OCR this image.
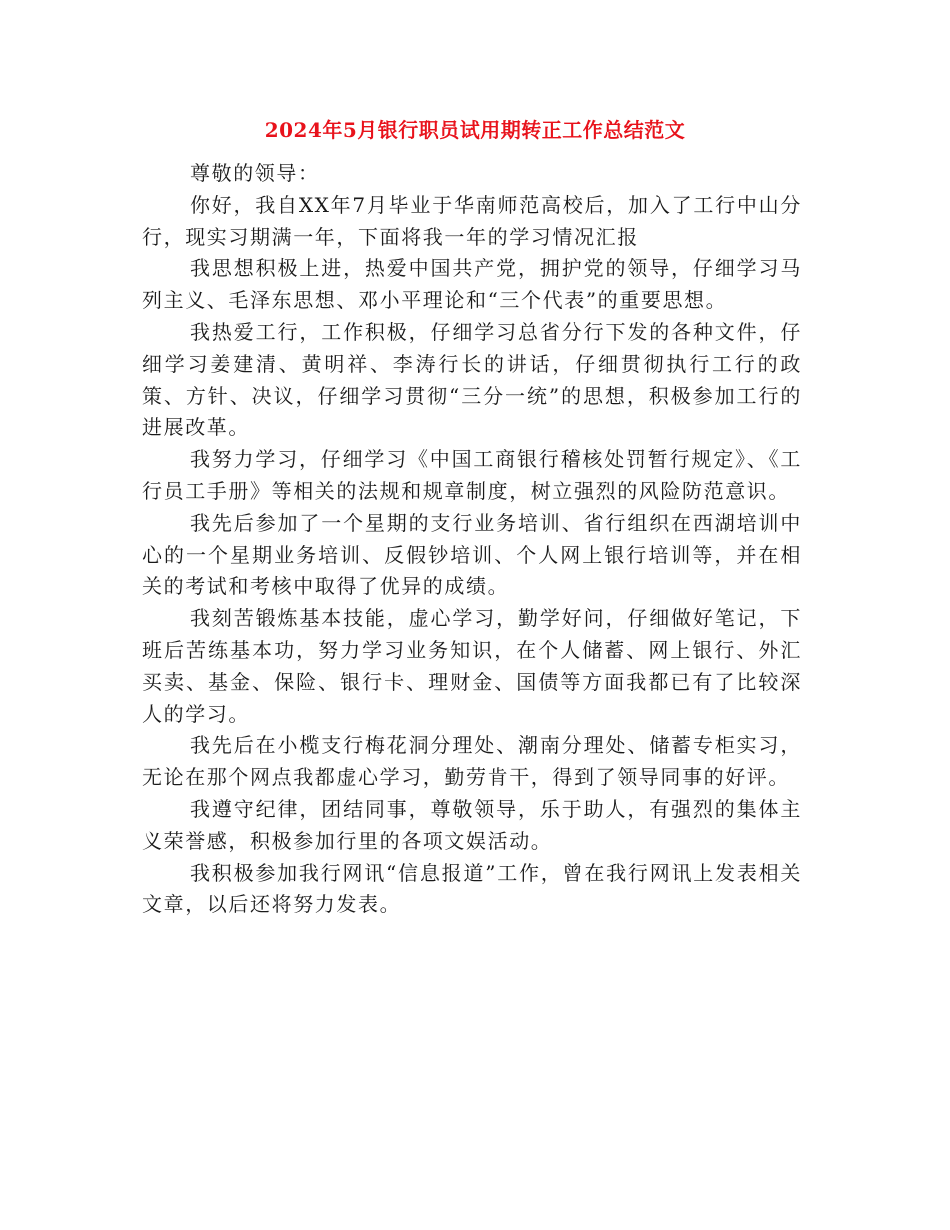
2024年5月银行职员试用期转正工作总结范文

尊敬的领导：

你好，我自XX年7月毕业于华南师范高校后，加入了工行中山分行，现实习期满一年，下面将我一年的学习情况汇报

我思想积极上进，热爱中国共产党，拥护党的领导，仔细学习马列主义、毛泽东思想、邓小平理论和“三个代表”的重要思想。

我热爱工行，工作积极，仔细学习总省分行下发的各种文件，仔细学习姜建清、黄明祥、李涛行长的讲话，仔细贯彻执行工行的政策、方针、决议，仔细学习贯彻“三分一统”的思想，积极参加工行的进展改革。

我努力学习，仔细学习《中国工商银行稽核处罚暂行规定》、《工行员工手册》等相关的法规和规章制度，树立强烈的风险防范意识。

我先后参加了一个星期的支行业务培训、省行组织在西湖培训中心的一个星期业务培训、反假钞培训、个人网上银行培训等，并在相关的考试和考核中取得了优异的成绩。

我刻苦锻炼基本技能，虚心学习，勤学好问，仔细做好笔记，下班后苦练基本功，努力学习业务知识，在个人储蓄、网上银行、外汇买卖、基金、保险、银行卡、理财金、国债等方面我都已有了比较深人的学习。

我先后在小榄支行梅花洞分理处、潮南分理处、储蓄专柜实习，无论在那个网点我都虚心学习，勤劳肯干，得到了领导同事的好评。

我遵守纪律，团结同事，尊敬领导，乐于助人，有强烈的集体主义荣誉感，积极参加行里的各项文娱活动。

我积极参加我行网讯“信息报道”工作，曾在我行网讯上发表相关文章，以后还将努力发表。
